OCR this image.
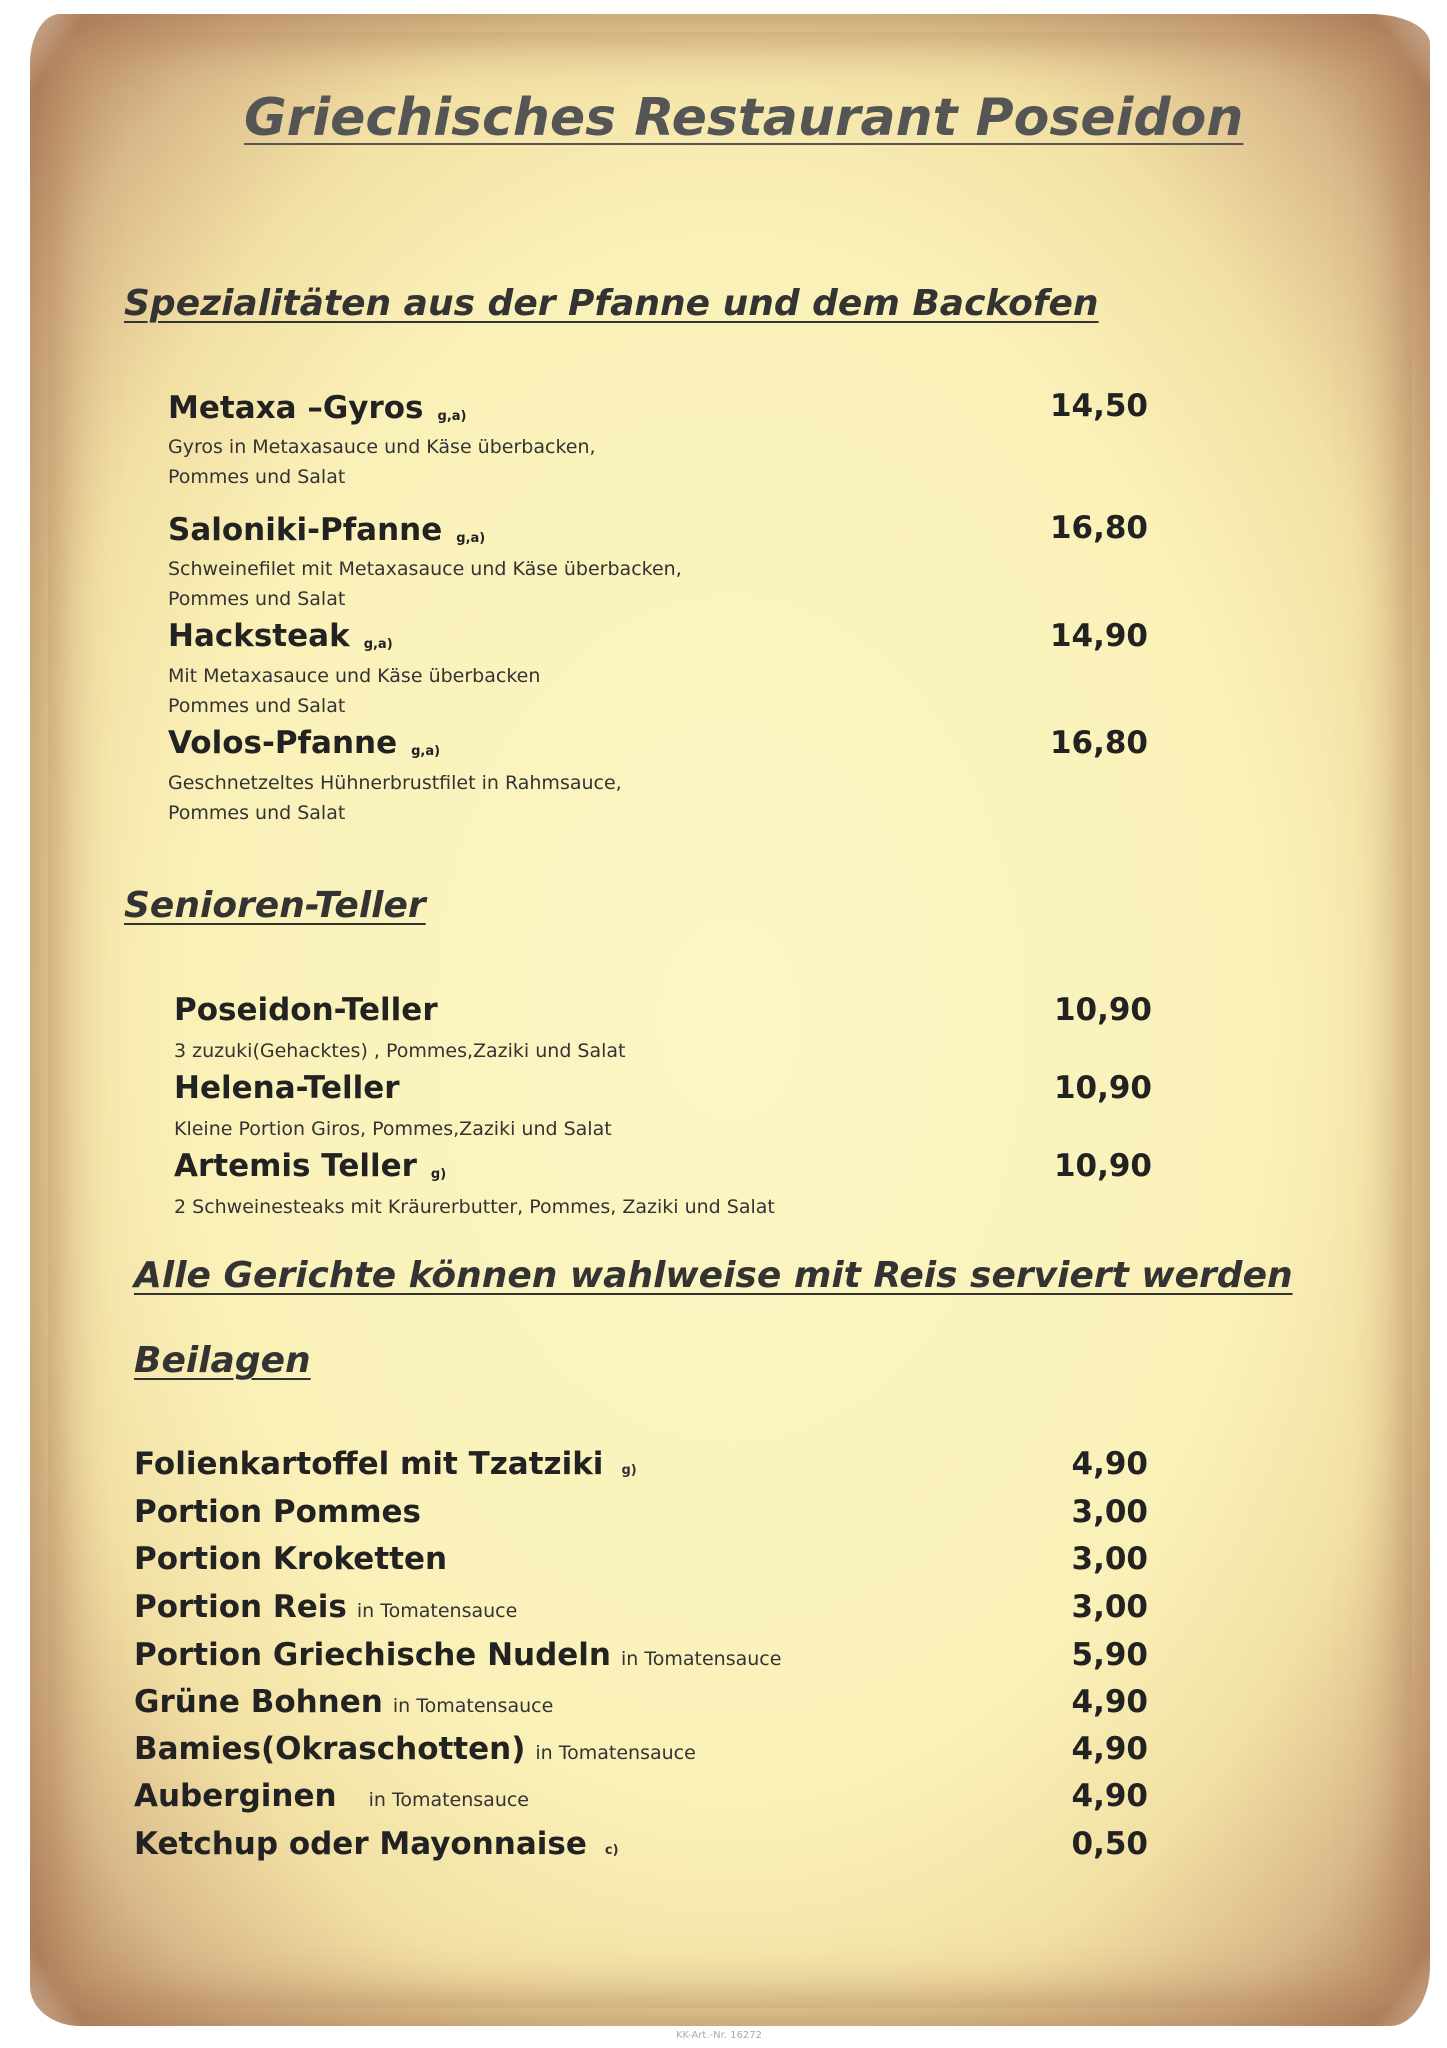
Griechisches Restaurant Poseidon
Spezialitäten aus der Pfanne und dem Backofen
Metaxa –Gyros g,a)
Gyros in Metaxasauce und Käse überbacken,
Pommes und Salat
14,50
Saloniki-Pfanne g,a)
Schweinefilet mit Metaxasauce und Käse überbacken,
Pommes und Salat
16,80
Hacksteak g,a)
Mit Metaxasauce und Käse überbacken
Pommes und Salat
14,90
Volos-Pfanne g,a)
Geschnetzeltes Hühnerbrustfilet in Rahmsauce,
Pommes und Salat
16,80
Senioren-Teller
Poseidon-Teller
3 zuzuki(Gehacktes) , Pommes,Zaziki und Salat
10,90
Helena-Teller
Kleine Portion Giros, Pommes,Zaziki und Salat
10,90
Artemis Teller g)
2 Schweinesteaks mit Kräurerbutter, Pommes, Zaziki und Salat
10,90
Alle Gerichte können wahlweise mit Reis serviert werden
Beilagen
Folienkartoffel mit Tzatziki g)	4,90
Portion Pommes	3,00
Portion Kroketten	3,00
Portion Reis in Tomatensauce	3,00
Portion Griechische Nudeln in Tomatensauce	5,90
Grüne Bohnen in Tomatensauce	4,90
Bamies(Okraschotten) in Tomatensauce	4,90
Auberginen in Tomatensauce	4,90
Ketchup oder Mayonnaise c)	0,50
KK-Art.-Nr. 16272
